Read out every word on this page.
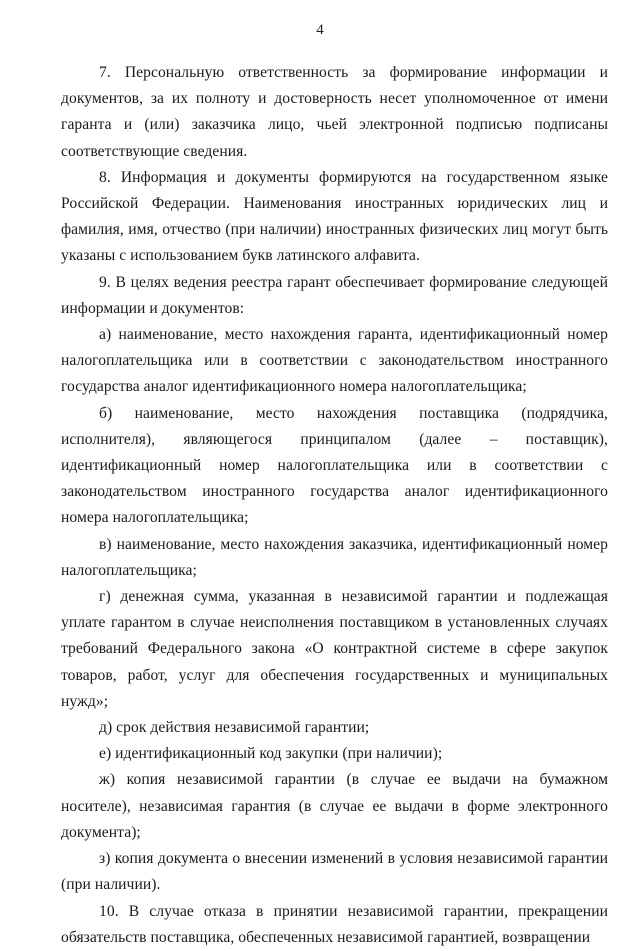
4

7. Персональную ответственность за формирование информации и документов, за их полноту и достоверность несет уполномоченное от имени гаранта и (или) заказчика лицо, чьей электронной подписью подписаны соответствующие сведения.

8. Информация и документы формируются на государственном языке Российской Федерации. Наименования иностранных юридических лиц и фамилия, имя, отчество (при наличии) иностранных физических лиц могут быть указаны с использованием букв латинского алфавита.

9. В целях ведения реестра гарант обеспечивает формирование следующей информации и документов:

а) наименование, место нахождения гаранта, идентификационный номер налогоплательщика или в соответствии с законодательством иностранного государства аналог идентификационного номера налогоплательщика;

б) наименование, место нахождения поставщика (подрядчика, исполнителя), являющегося принципалом (далее – поставщик), идентификационный номер налогоплательщика или в соответствии с законодательством иностранного государства аналог идентификационного номера налогоплательщика;

в) наименование, место нахождения заказчика, идентификационный номер налогоплательщика;

г) денежная сумма, указанная в независимой гарантии и подлежащая уплате гарантом в случае неисполнения поставщиком в установленных случаях требований Федерального закона «О контрактной системе в сфере закупок товаров, работ, услуг для обеспечения государственных и муниципальных нужд»;

д) срок действия независимой гарантии;

е) идентификационный код закупки (при наличии);

ж) копия независимой гарантии (в случае ее выдачи на бумажном носителе), независимая гарантия (в случае ее выдачи в форме электронного документа);

з) копия документа о внесении изменений в условия независимой гарантии (при наличии).

10. В случае отказа в принятии независимой гарантии, прекращении обязательств поставщика, обеспеченных независимой гарантией, возвращении
